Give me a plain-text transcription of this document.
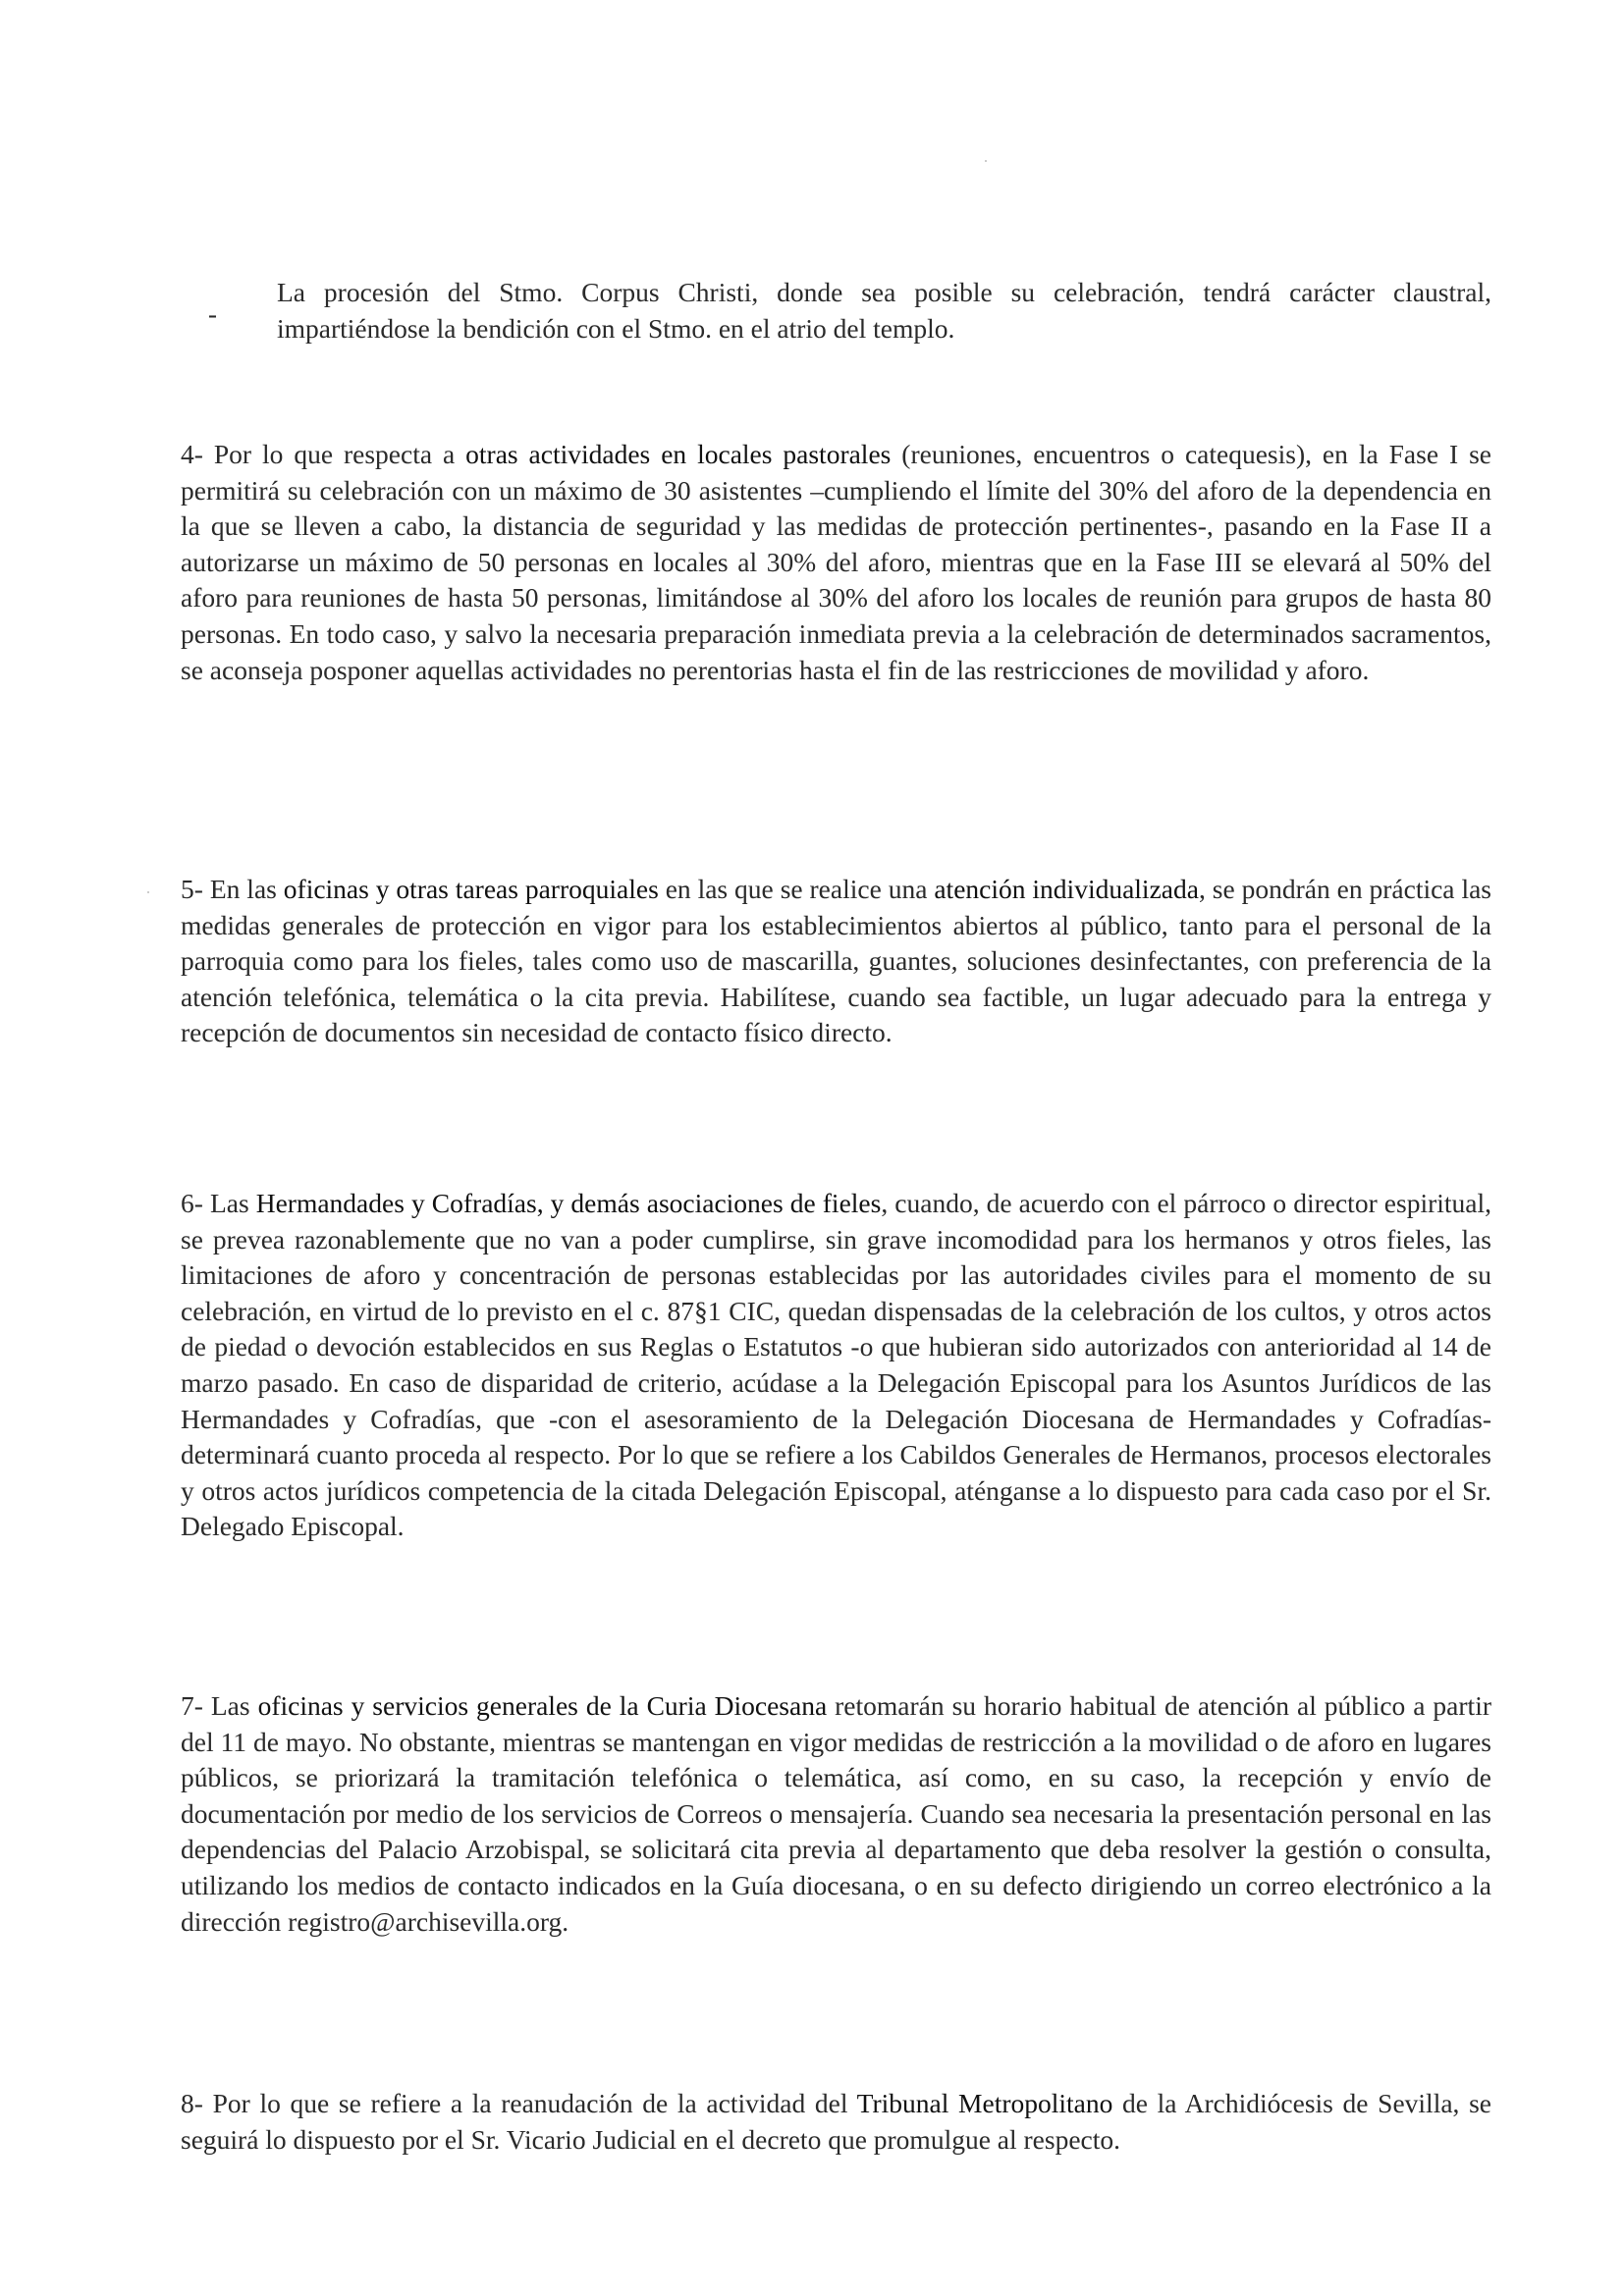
-

La procesión del Stmo. Corpus Christi, donde sea posible su celebración, tendrá carácter claustral, impartiéndose la bendición con el Stmo. en el atrio del templo.

4- Por lo que respecta a otras actividades en locales pastorales (reuniones, encuentros o catequesis), en la Fase I se permitirá su celebración con un máximo de 30 asistentes –cumpliendo el límite del 30% del aforo de la dependencia en la que se lleven a cabo, la distancia de seguridad y las medidas de protección pertinentes-, pasando en la Fase II a autorizarse un máximo de 50 personas en locales al 30% del aforo, mientras que en la Fase III se elevará al 50% del aforo para reuniones de hasta 50 personas, limitándose al 30% del aforo los locales de reunión para grupos de hasta 80 personas. En todo caso, y salvo la necesaria preparación inmediata previa a la celebración de determinados sacramentos, se aconseja posponer aquellas actividades no perentorias hasta el fin de las restricciones de movilidad y aforo.

5- En las oficinas y otras tareas parroquiales en las que se realice una atención individualizada, se pondrán en práctica las medidas generales de protección en vigor para los establecimientos abiertos al público, tanto para el personal de la parroquia como para los fieles, tales como uso de mascarilla, guantes, soluciones desinfectantes, con preferencia de la atención telefónica, telemática o la cita previa. Habilítese, cuando sea factible, un lugar adecuado para la entrega y recepción de documentos sin necesidad de contacto físico directo.

6- Las Hermandades y Cofradías, y demás asociaciones de fieles, cuando, de acuerdo con el párroco o director espiritual, se prevea razonablemente que no van a poder cumplirse, sin grave incomodidad para los hermanos y otros fieles, las limitaciones de aforo y concentración de personas establecidas por las autoridades civiles para el momento de su celebración, en virtud de lo previsto en el c. 87§1 CIC, quedan dispensadas de la celebración de los cultos, y otros actos de piedad o devoción establecidos en sus Reglas o Estatutos -o que hubieran sido autorizados con anterioridad al 14 de marzo pasado. En caso de disparidad de criterio, acúdase a la Delegación Episcopal para los Asuntos Jurídicos de las Hermandades y Cofradías, que -con el asesoramiento de la Delegación Diocesana de Hermandades y Cofradías- determinará cuanto proceda al respecto. Por lo que se refiere a los Cabildos Generales de Hermanos, procesos electorales y otros actos jurídicos competencia de la citada Delegación Episcopal, aténganse a lo dispuesto para cada caso por el Sr. Delegado Episcopal.

7- Las oficinas y servicios generales de la Curia Diocesana retomarán su horario habitual de atención al público a partir del 11 de mayo. No obstante, mientras se mantengan en vigor medidas de restricción a la movilidad o de aforo en lugares públicos, se priorizará la tramitación telefónica o telemática, así como, en su caso, la recepción y envío de documentación por medio de los servicios de Correos o mensajería. Cuando sea necesaria la presentación personal en las dependencias del Palacio Arzobispal, se solicitará cita previa al departamento que deba resolver la gestión o consulta, utilizando los medios de contacto indicados en la Guía diocesana, o en su defecto dirigiendo un correo electrónico a la dirección registro@archisevilla.org.

8- Por lo que se refiere a la reanudación de la actividad del Tribunal Metropolitano de la Archidiócesis de Sevilla, se seguirá lo dispuesto por el Sr. Vicario Judicial en el decreto que promulgue al respecto.
